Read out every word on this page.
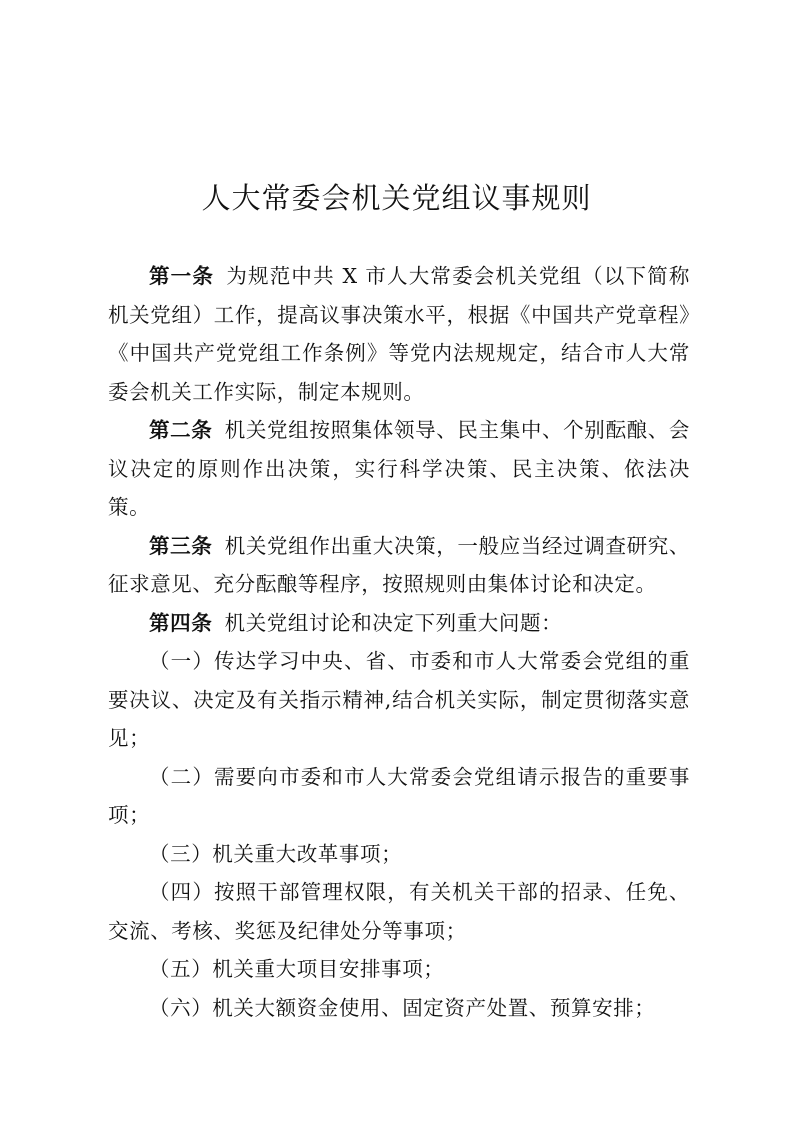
人大常委会机关党组议事规则

第一条 为规范中共 X 市人大常委会机关党组（以下简称机关党组）工作，提高议事决策水平，根据《中国共产党章程》《中国共产党党组工作条例》等党内法规规定，结合市人大常委会机关工作实际，制定本规则。

第二条 机关党组按照集体领导、民主集中、个别酝酿、会议决定的原则作出决策，实行科学决策、民主决策、依法决策。

第三条 机关党组作出重大决策，一般应当经过调查研究、征求意见、充分酝酿等程序，按照规则由集体讨论和决定。

第四条 机关党组讨论和决定下列重大问题：

（一）传达学习中央、省、市委和市人大常委会党组的重要决议、决定及有关指示精神,结合机关实际，制定贯彻落实意见；

（二）需要向市委和市人大常委会党组请示报告的重要事项；

（三）机关重大改革事项；

（四）按照干部管理权限，有关机关干部的招录、任免、交流、考核、奖惩及纪律处分等事项；

（五）机关重大项目安排事项；

（六）机关大额资金使用、固定资产处置、预算安排；
